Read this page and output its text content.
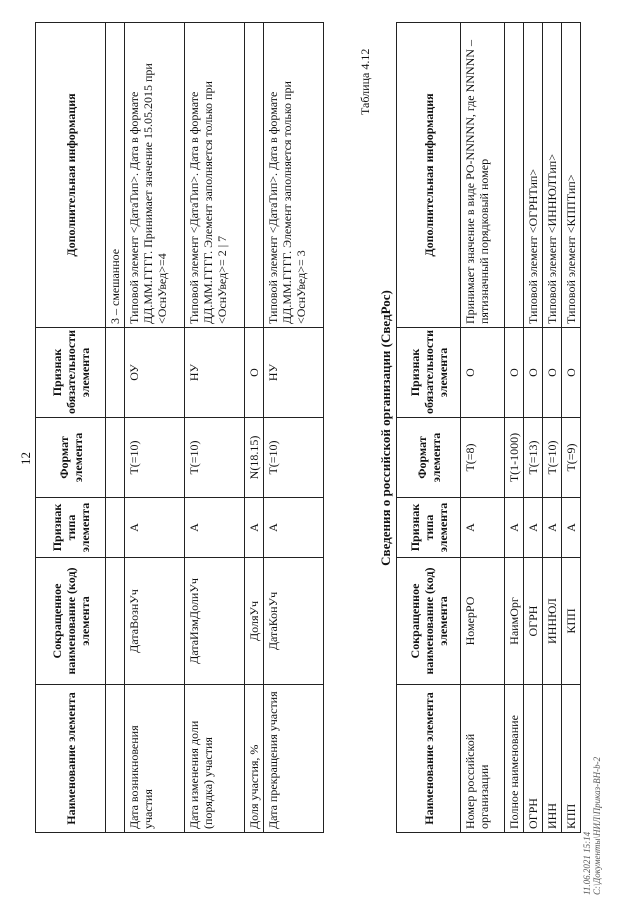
12
Наименование элемента	Сокращенное наименование (код) элемента	Признак типа элемента	Формат элемента	Признак обязательности элемента	Дополнительная информация
					3 – смешанное
Дата возникновения участия	ДатаВознУч	А	T(=10)	ОУ	Типовой элемент <ДатаТип>. Дата в формате ДД.ММ.ГГГГ. Принимает значение 15.05.2015 при <ОснУвед>=4
Дата изменения доли (порядка) участия	ДатаИзмДолиУч	А	T(=10)	НУ	Типовой элемент <ДатаТип>. Дата в формате ДД.ММ.ГГГГ. Элемент заполняется только при <ОснУвед>= 2 | 7
Доля участия, %	ДоляУч	А	N(18.15)	О	
Дата прекращения участия	ДатаКонУч	А	T(=10)	НУ	Типовой элемент <ДатаТип>. Дата в формате ДД.ММ.ГГГГ. Элемент заполняется только при <ОснУвед>= 3
Таблица 4.12
Сведения о российской организации (СведРос)
Наименование элемента	Сокращенное наименование (код) элемента	Признак типа элемента	Формат элемента	Признак обязательности элемента	Дополнительная информация
Номер российской организации	НомерРО	А	T(=8)	О	Принимает значение в виде РО-NNNNN, где NNNNN – пятизначный порядковый номер
Полное наименование	НаимОрг	А	T(1-1000)	О	
ОГРН	ОГРН	А	T(=13)	О	Типовой элемент <ОГРНТип>
ИНН	ИННЮЛ	А	T(=10)	О	Типовой элемент <ИННЮЛТип>
КПП	КПП	А	T(=9)	О	Типовой элемент <КППТип>
11.06.2021 15:14 С:\Документы\НИЛ\Приказ-BH-b-2
